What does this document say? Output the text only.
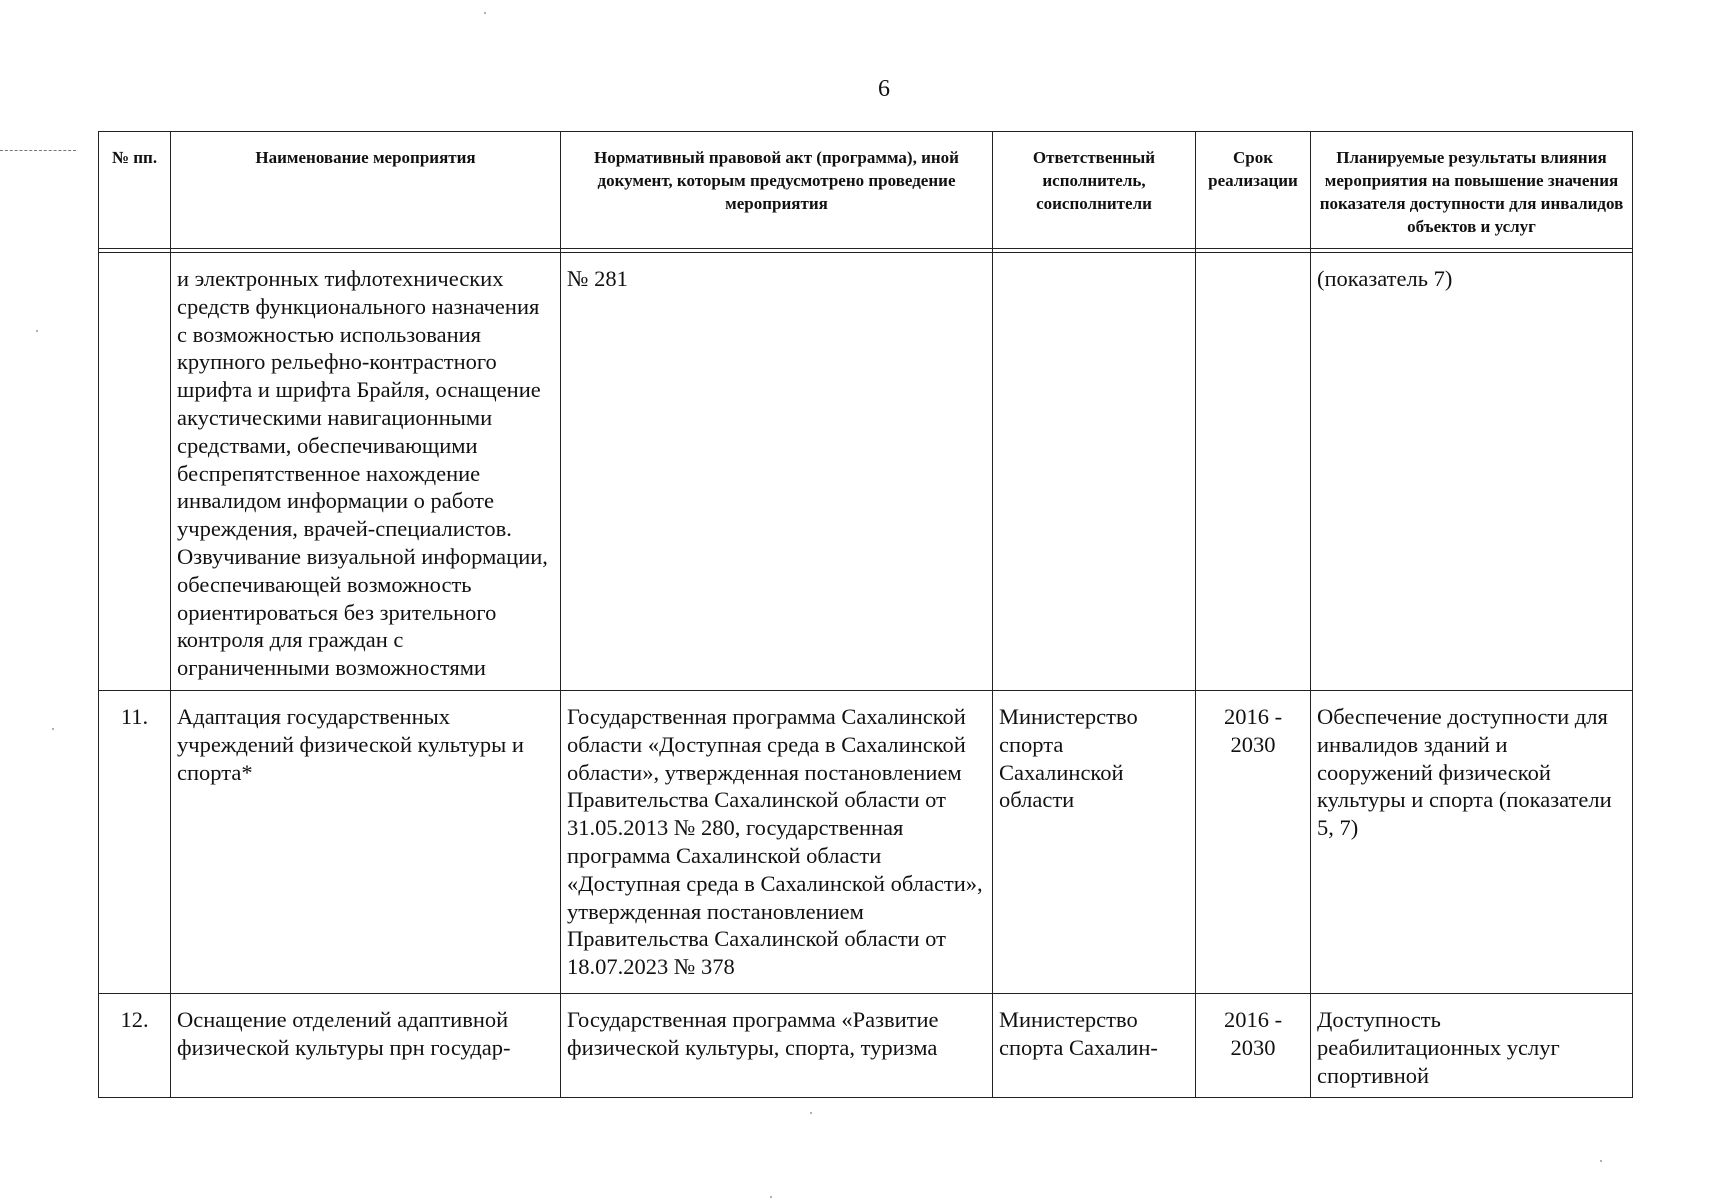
6
№ пп.	Наименование мероприятия	Нормативный правовой акт (программа), иной документ, которым предусмотрено проведение мероприятия	Ответственный исполнитель, соисполнители	Срок реализации	Планируемые результаты влияния мероприятия на повышение значения показателя доступности для инвалидов объектов и услуг

	и электронных тифлотехнических средств функционального назначения с возможностью использования крупного рельефно-контрастного шрифта и шрифта Брайля, оснащение акустическими навигационными средствами, обеспечивающими беспрепятственное нахождение инвалидом информации о работе учреждения, врачей-специалистов. Озвучивание визуальной информации, обеспечивающей возможность ориентироваться без зрительного контроля для граждан с ограниченными возможностями	№ 281			(показатель 7)
11.	Адаптация государственных учреждений физической культуры и спорта*	Государственная программа Сахалинской области «Доступная среда в Сахалинской области», утвержденная постановлением Правительства Сахалинской области от 31.05.2013 № 280, государственная программа Сахалинской области «Доступная среда в Сахалинской области», утвержденная постановлением Правительства Сахалинской области от 18.07.2023 № 378	Министерство спорта Сахалинской области	2016 - 2030	Обеспечение доступности для инвалидов зданий и сооружений физической культуры и спорта (показатели 5, 7)
12.	Оснащение отделений адаптивной физической культуры прн государ-	Государственная программа «Развитие физической культуры, спорта, туризма	Министерство спорта Сахалин-	2016 - 2030	Доступность реабилитационных услуг спортивной
